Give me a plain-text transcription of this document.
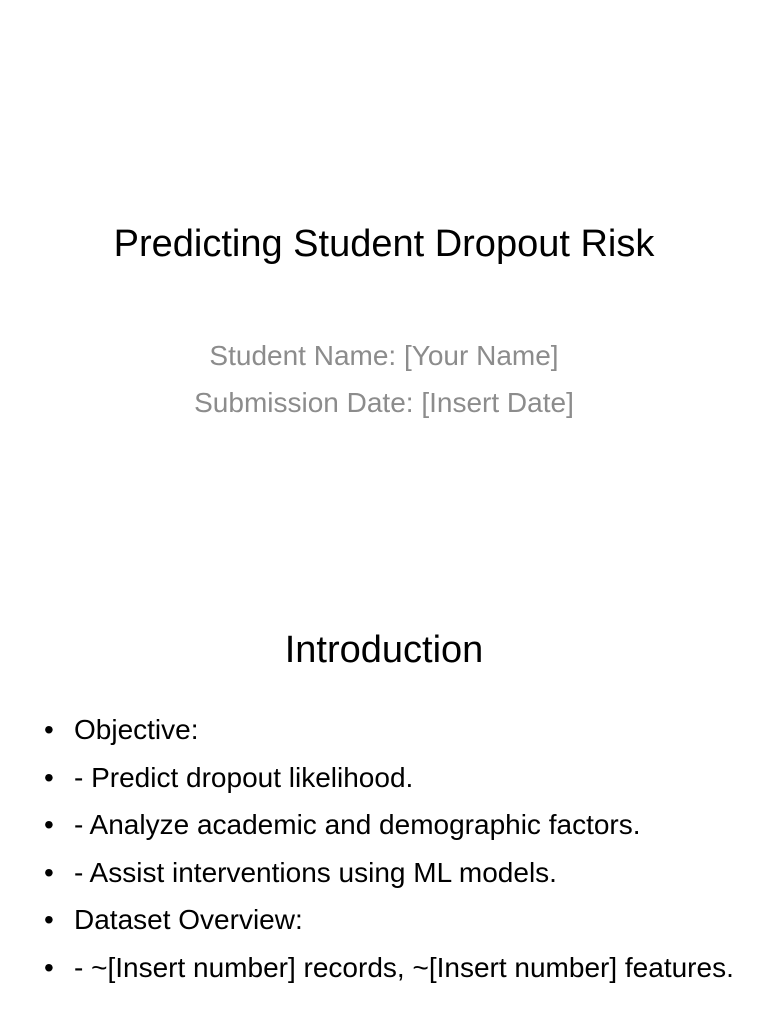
Predicting Student Dropout Risk
Student Name: [Your Name]
Submission Date: [Insert Date]
Introduction
• Objective:
• - Predict dropout likelihood.
• - Analyze academic and demographic factors.
• - Assist interventions using ML models.
• Dataset Overview:
• - ~[Insert number] records, ~[Insert number] features.
